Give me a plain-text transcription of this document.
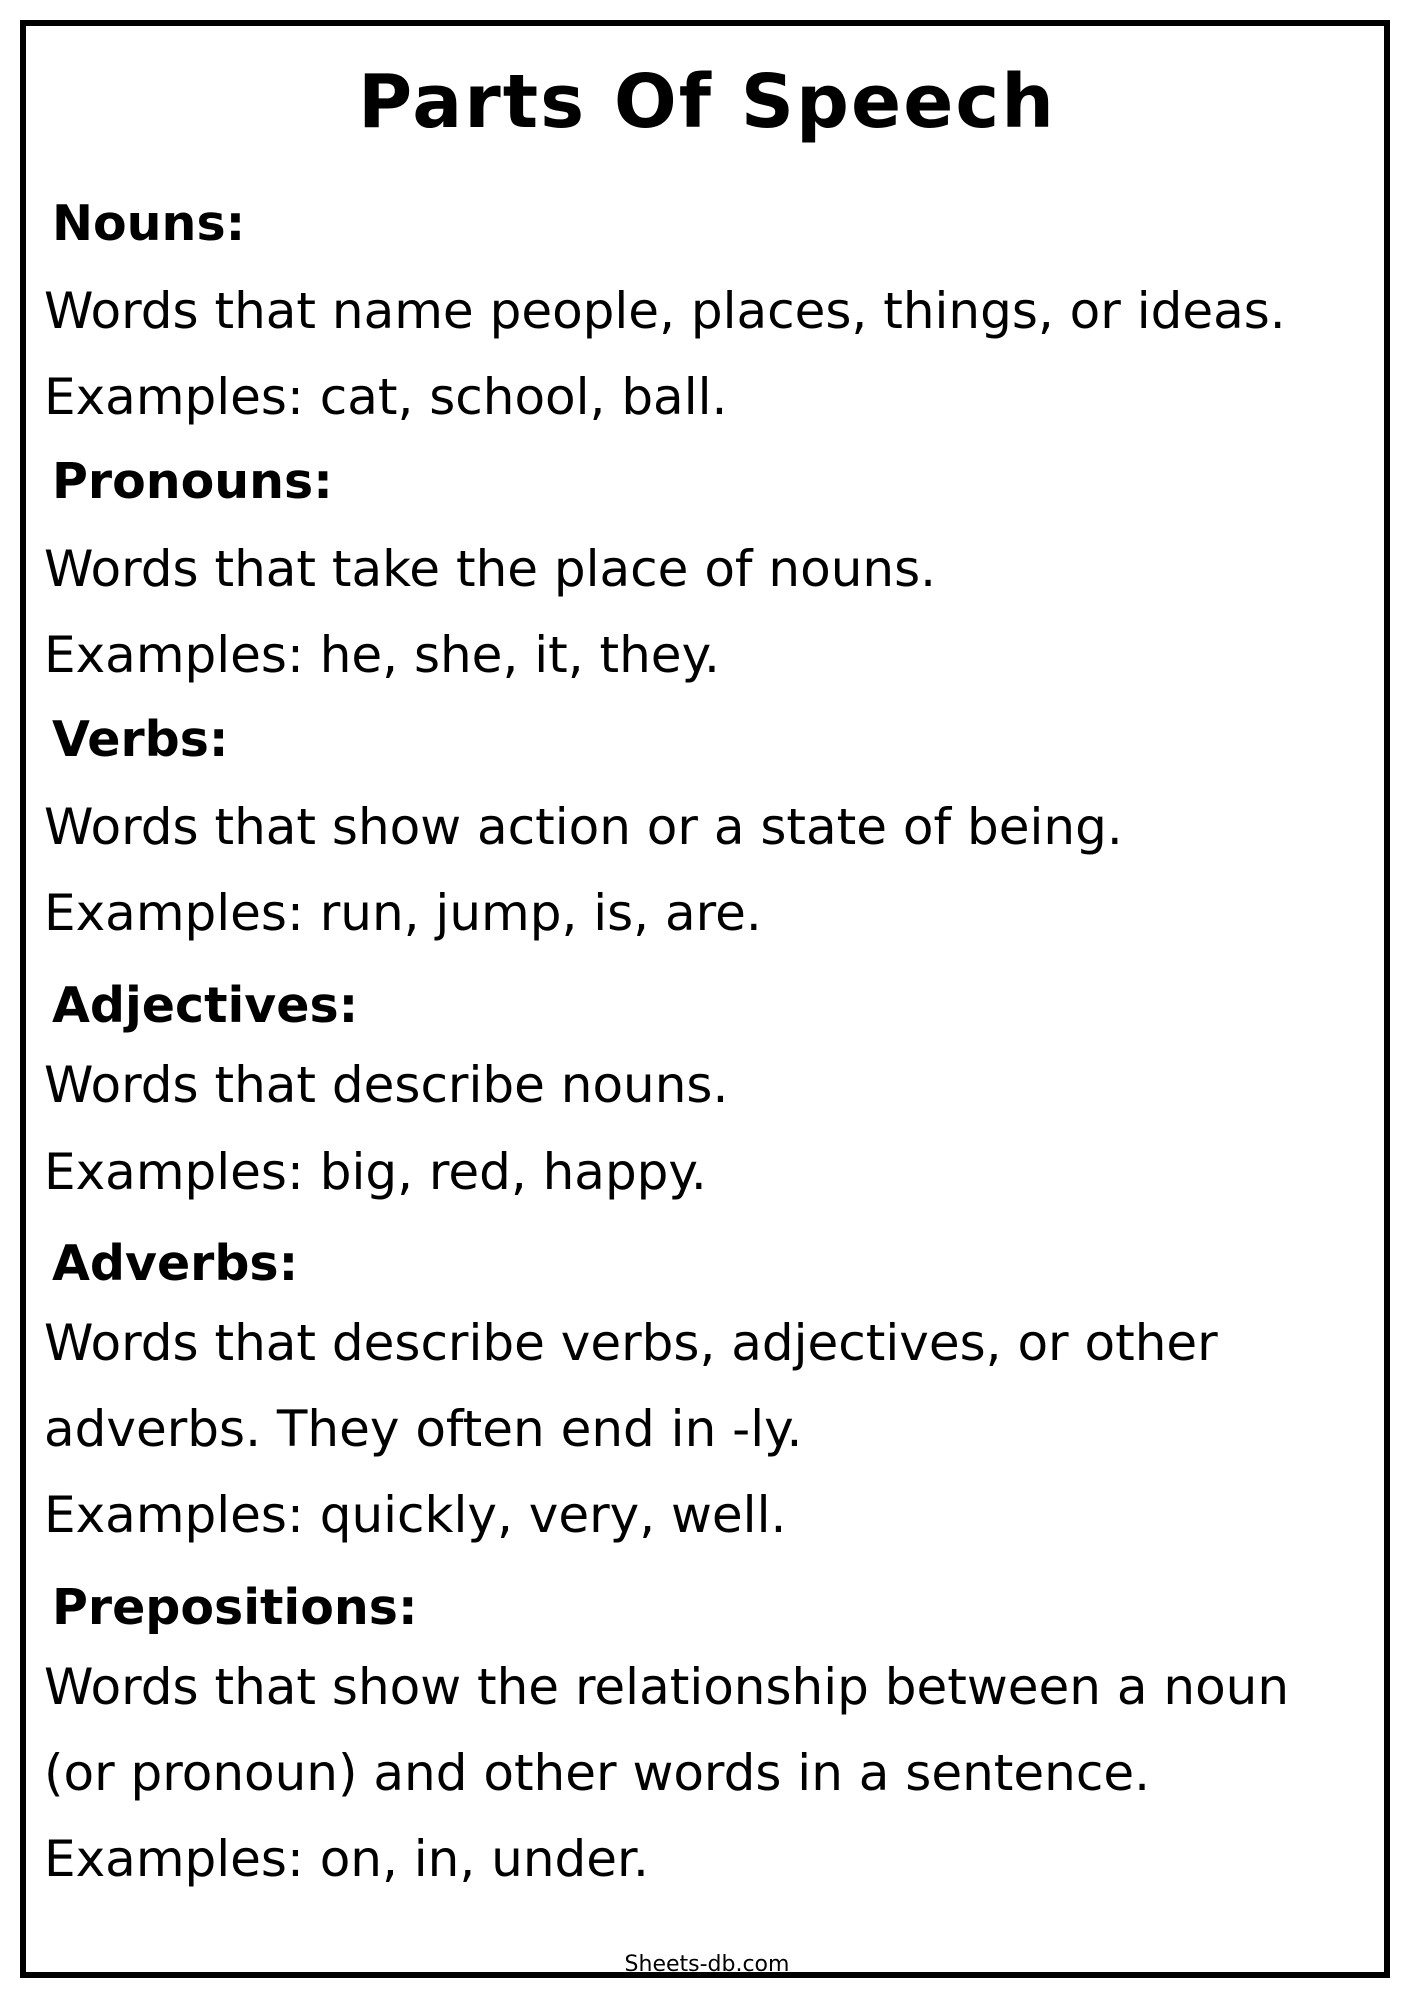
Parts Of Speech
Nouns:
Words that name people, places, things, or ideas.
Examples: cat, school, ball.
Pronouns:
Words that take the place of nouns.
Examples: he, she, it, they.
Verbs:
Words that show action or a state of being.
Examples: run, jump, is, are.
Adjectives:
Words that describe nouns.
Examples: big, red, happy.
Adverbs:
Words that describe verbs, adjectives, or other
adverbs. They often end in -ly.
Examples: quickly, very, well.
Prepositions:
Words that show the relationship between a noun
(or pronoun) and other words in a sentence.
Examples: on, in, under.
Sheets-db.com
